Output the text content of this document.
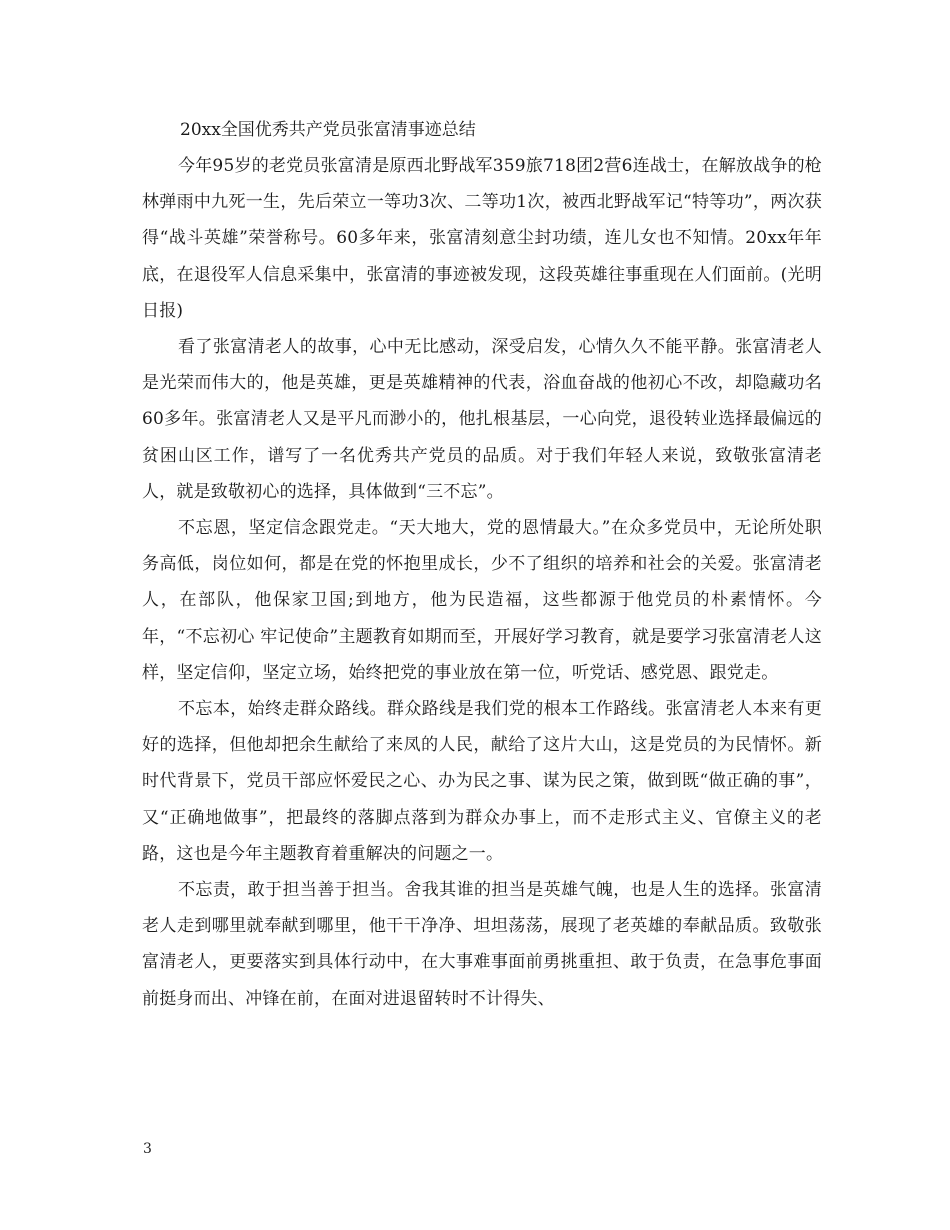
20xx全国优秀共产党员张富清事迹总结

今年95岁的老党员张富清是原西北野战军359旅718团2营6连战士，在解放战争的枪林弹雨中九死一生，先后荣立一等功3次、二等功1次，被西北野战军记“特等功”，两次获得“战斗英雄”荣誉称号。60多年来，张富清刻意尘封功绩，连儿女也不知情。20xx年年底，在退役军人信息采集中，张富清的事迹被发现，这段英雄往事重现在人们面前。(光明日报)

看了张富清老人的故事，心中无比感动，深受启发，心情久久不能平静。张富清老人是光荣而伟大的，他是英雄，更是英雄精神的代表，浴血奋战的他初心不改，却隐藏功名60多年。张富清老人又是平凡而渺小的，他扎根基层，一心向党，退役转业选择最偏远的贫困山区工作，谱写了一名优秀共产党员的品质。对于我们年轻人来说，致敬张富清老人，就是致敬初心的选择，具体做到“三不忘”。

不忘恩，坚定信念跟党走。“天大地大，党的恩情最大。”在众多党员中，无论所处职务高低，岗位如何，都是在党的怀抱里成长，少不了组织的培养和社会的关爱。张富清老人，在部队，他保家卫国;到地方，他为民造福，这些都源于他党员的朴素情怀。今年，“不忘初心 牢记使命”主题教育如期而至，开展好学习教育，就是要学习张富清老人这样，坚定信仰，坚定立场，始终把党的事业放在第一位，听党话、感党恩、跟党走。

不忘本，始终走群众路线。群众路线是我们党的根本工作路线。张富清老人本来有更好的选择，但他却把余生献给了来凤的人民，献给了这片大山，这是党员的为民情怀。新时代背景下，党员干部应怀爱民之心、办为民之事、谋为民之策，做到既“做正确的事”，又“正确地做事”，把最终的落脚点落到为群众办事上，而不走形式主义、官僚主义的老路，这也是今年主题教育着重解决的问题之一。

不忘责，敢于担当善于担当。舍我其谁的担当是英雄气魄，也是人生的选择。张富清老人走到哪里就奉献到哪里，他干干净净、坦坦荡荡，展现了老英雄的奉献品质。致敬张富清老人，更要落实到具体行动中，在大事难事面前勇挑重担、敢于负责，在急事危事面前挺身而出、冲锋在前，在面对进退留转时不计得失、

3
